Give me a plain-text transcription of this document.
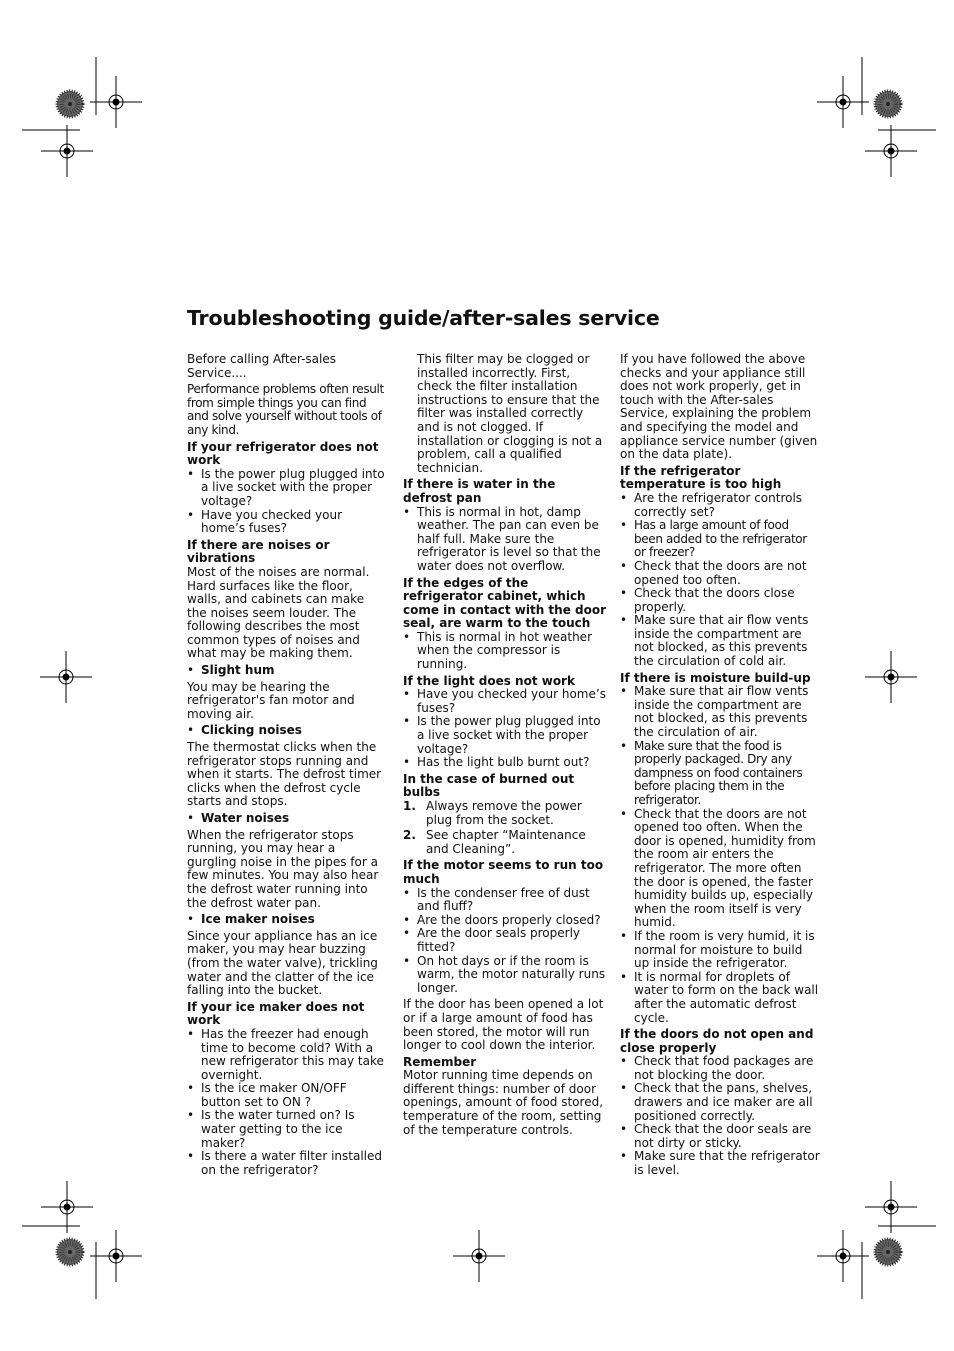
Troubleshooting guide/after-sales service

Before calling After-sales Service....

Performance problems often result from simple things you can find and solve yourself without tools of any kind.

If your refrigerator does not work
• Is the power plug plugged into a live socket with the proper voltage?
• Have you checked your home’s fuses?
If there are noises or vibrations

Most of the noises are normal. Hard surfaces like the floor, walls, and cabinets can make the noises seem louder. The following describes the most common types of noises and what may be making them.

• Slight hum

You may be hearing the refrigerator's fan motor and moving air.

• Clicking noises

The thermostat clicks when the refrigerator stops running and when it starts. The defrost timer clicks when the defrost cycle starts and stops.

• Water noises

When the refrigerator stops running, you may hear a gurgling noise in the pipes for a few minutes. You may also hear the defrost water running into the defrost water pan.

• Ice maker noises

Since your appliance has an ice maker, you may hear buzzing (from the water valve), trickling water and the clatter of the ice falling into the bucket.

If your ice maker does not work
• Has the freezer had enough time to become cold? With a new refrigerator this may take overnight.
• Is the ice maker ON/OFF button set to ON ?
• Is the water turned on? Is water getting to the ice maker?
• Is there a water filter installed on the refrigerator?

This filter may be clogged or installed incorrectly. First, check the filter installation instructions to ensure that the filter was installed correctly and is not clogged. If installation or clogging is not a problem, call a qualified technician.

If there is water in the defrost pan
• This is normal in hot, damp weather. The pan can even be half full. Make sure the refrigerator is level so that the water does not overflow.
If the edges of the refrigerator cabinet, which come in contact with the door seal, are warm to the touch
• This is normal in hot weather when the compressor is running.
If the light does not work
• Have you checked your home’s fuses?
• Is the power plug plugged into a live socket with the proper voltage?
• Has the light bulb burnt out?
In the case of burned out bulbs
1. Always remove the power plug from the socket.
2. See chapter “Maintenance and Cleaning”.
If the motor seems to run too much
• Is the condenser free of dust and fluff?
• Are the doors properly closed?
• Are the door seals properly fitted?
• On hot days or if the room is warm, the motor naturally runs longer.

If the door has been opened a lot or if a large amount of food has been stored, the motor will run longer to cool down the interior.

Remember

Motor running time depends on different things: number of door openings, amount of food stored, temperature of the room, setting of the temperature controls.

If you have followed the above checks and your appliance still does not work properly, get in touch with the After-sales Service, explaining the problem and specifying the model and appliance service number (given on the data plate).

If the refrigerator temperature is too high
• Are the refrigerator controls correctly set?
• Has a large amount of food been added to the refrigerator or freezer?
• Check that the doors are not opened too often.
• Check that the doors close properly.
• Make sure that air flow vents inside the compartment are not blocked, as this prevents the circulation of cold air.
If there is moisture build-up
• Make sure that air flow vents inside the compartment are not blocked, as this prevents the circulation of air.
• Make sure that the food is properly packaged. Dry any dampness on food containers before placing them in the refrigerator.
• Check that the doors are not opened too often. When the door is opened, humidity from the room air enters the refrigerator. The more often the door is opened, the faster humidity builds up, especially when the room itself is very humid.
• If the room is very humid, it is normal for moisture to build up inside the refrigerator.
• It is normal for droplets of water to form on the back wall after the automatic defrost cycle.
If the doors do not open and close properly
• Check that food packages are not blocking the door.
• Check that the pans, shelves, drawers and ice maker are all positioned correctly.
• Check that the door seals are not dirty or sticky.
• Make sure that the refrigerator is level.
